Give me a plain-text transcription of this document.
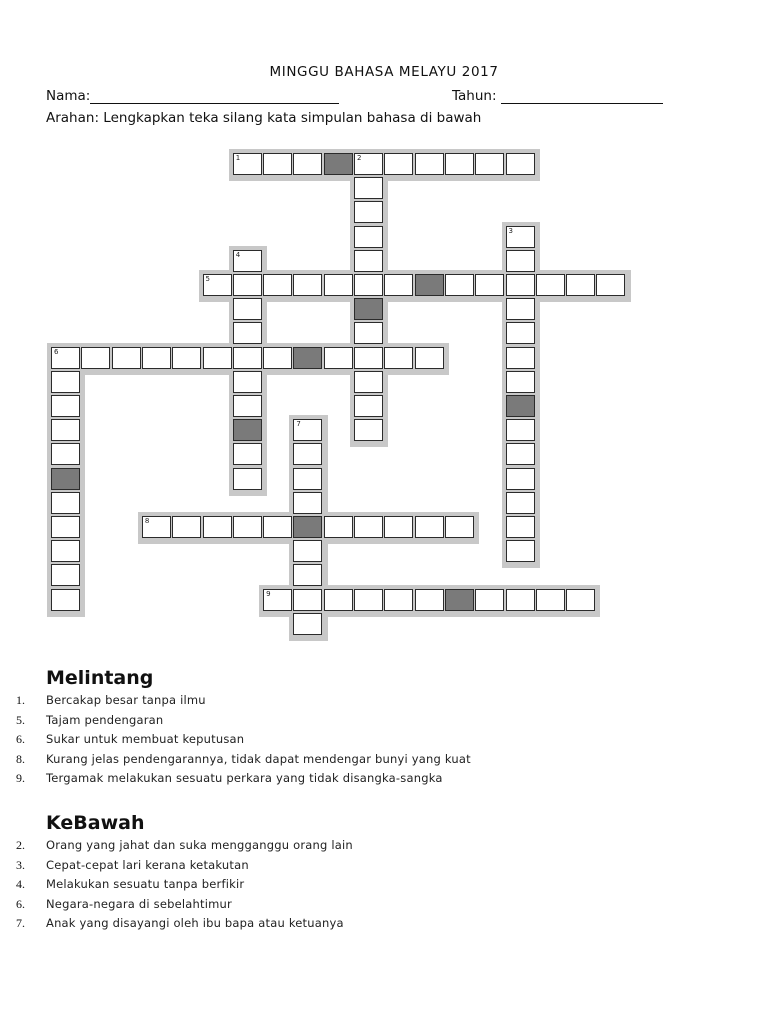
MINGGU BAHASA MELAYU 2017
Nama:	Tahun:
Arahan: Lengkapkan teka silang kata simpulan bahasa di bawah
1	2
3
4
5
6
7
8
9
Melintang
1. Bercakap besar tanpa ilmu
5. Tajam pendengaran
6. Sukar untuk membuat keputusan
8. Kurang jelas pendengarannya, tidak dapat mendengar bunyi yang kuat
9. Tergamak melakukan sesuatu perkara yang tidak disangka-sangka
KeBawah
2. Orang yang jahat dan suka mengganggu orang lain
3. Cepat-cepat lari kerana ketakutan
4. Melakukan sesuatu tanpa berfikir
6. Negara-negara di sebelahtimur
7. Anak yang disayangi oleh ibu bapa atau ketuanya
